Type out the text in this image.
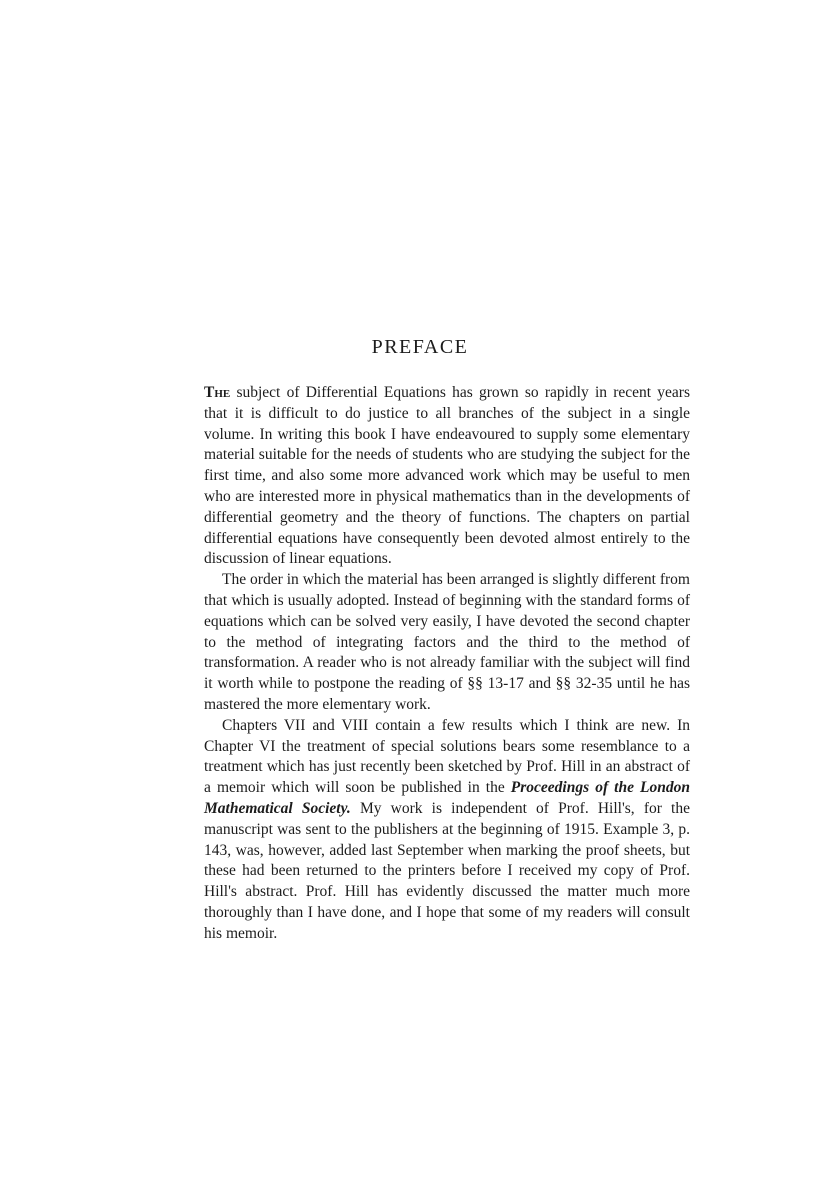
PREFACE

The subject of Differential Equations has grown so rapidly in recent years that it is difficult to do justice to all branches of the subject in a single volume. In writing this book I have endeavoured to supply some elementary material suitable for the needs of students who are studying the subject for the first time, and also some more advanced work which may be useful to men who are interested more in physical mathematics than in the developments of differential geometry and the theory of functions. The chapters on partial differential equations have consequently been devoted almost entirely to the discussion of linear equations.

The order in which the material has been arranged is slightly different from that which is usually adopted. Instead of beginning with the standard forms of equations which can be solved very easily, I have devoted the second chapter to the method of integrating factors and the third to the method of transformation. A reader who is not already familiar with the subject will find it worth while to postpone the reading of §§ 13-17 and §§ 32-35 until he has mastered the more elementary work.

Chapters VII and VIII contain a few results which I think are new. In Chapter VI the treatment of special solutions bears some resemblance to a treatment which has just recently been sketched by Prof. Hill in an abstract of a memoir which will soon be published in the Proceedings of the London Mathematical Society. My work is independent of Prof. Hill's, for the manuscript was sent to the publishers at the beginning of 1915. Example 3, p. 143, was, however, added last September when marking the proof sheets, but these had been returned to the printers before I received my copy of Prof. Hill's abstract. Prof. Hill has evidently discussed the matter much more thoroughly than I have done, and I hope that some of my readers will consult his memoir.
